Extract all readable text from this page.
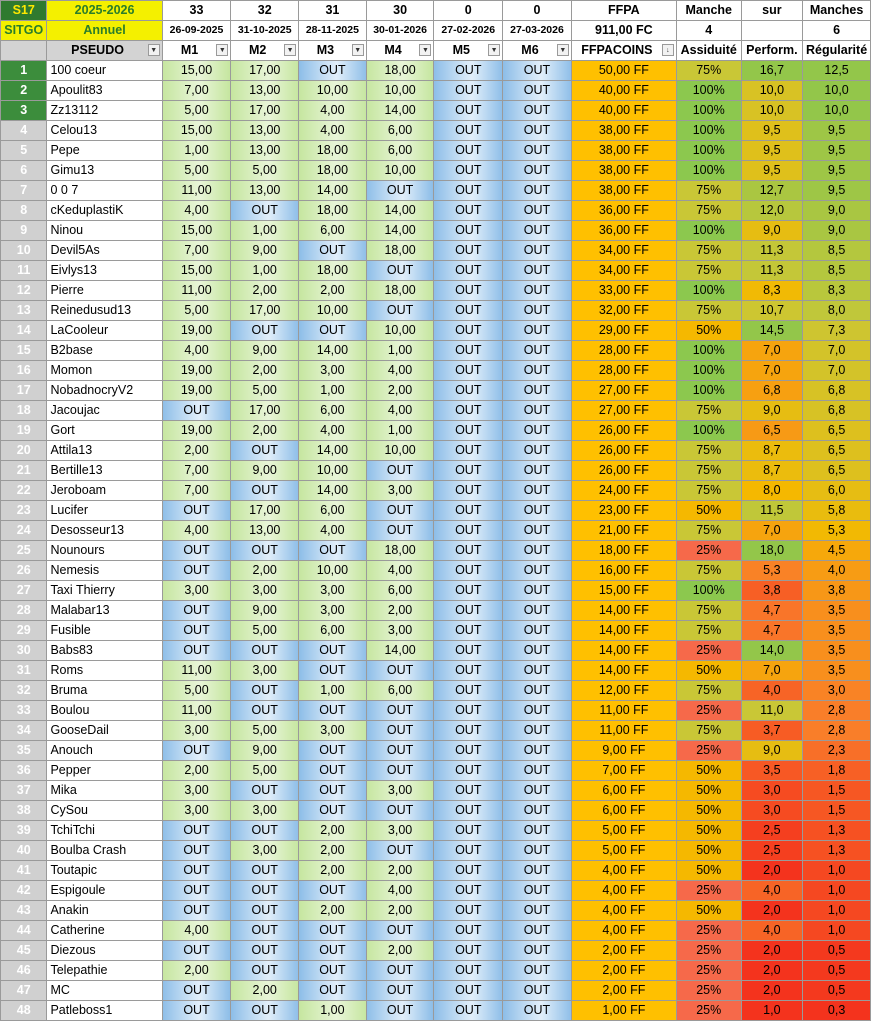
S17	2025-2026	33	32	31	30	0	0	FFPA	Manche	sur	Manches
SITGO	Annuel	26-09-2025	31-10-2025	28-11-2025	30-01-2026	27-02-2026	27-03-2026	911,00 FC	4		6
	PSEUDO ▼	M1 ▼	M2 ▼	M3 ▼	M4 ▼	M5 ▼	M6 ▼	FFPACOINS ↓	Assiduité	Perform.	Régularité
1	100 coeur	15,00	17,00	OUT	18,00	OUT	OUT	50,00 FF	75%	16,7	12,5
2	Apoulit83	7,00	13,00	10,00	10,00	OUT	OUT	40,00 FF	100%	10,0	10,0
3	Zz13112	5,00	17,00	4,00	14,00	OUT	OUT	40,00 FF	100%	10,0	10,0
4	Celou13	15,00	13,00	4,00	6,00	OUT	OUT	38,00 FF	100%	9,5	9,5
5	Pepe	1,00	13,00	18,00	6,00	OUT	OUT	38,00 FF	100%	9,5	9,5
6	Gimu13	5,00	5,00	18,00	10,00	OUT	OUT	38,00 FF	100%	9,5	9,5
7	0 0 7	11,00	13,00	14,00	OUT	OUT	OUT	38,00 FF	75%	12,7	9,5
8	cKeduplastiK	4,00	OUT	18,00	14,00	OUT	OUT	36,00 FF	75%	12,0	9,0
9	Ninou	15,00	1,00	6,00	14,00	OUT	OUT	36,00 FF	100%	9,0	9,0
10	Devil5As	7,00	9,00	OUT	18,00	OUT	OUT	34,00 FF	75%	11,3	8,5
11	Eivlys13	15,00	1,00	18,00	OUT	OUT	OUT	34,00 FF	75%	11,3	8,5
12	Pierre	11,00	2,00	2,00	18,00	OUT	OUT	33,00 FF	100%	8,3	8,3
13	Reinedusud13	5,00	17,00	10,00	OUT	OUT	OUT	32,00 FF	75%	10,7	8,0
14	LaCooleur	19,00	OUT	OUT	10,00	OUT	OUT	29,00 FF	50%	14,5	7,3
15	B2base	4,00	9,00	14,00	1,00	OUT	OUT	28,00 FF	100%	7,0	7,0
16	Momon	19,00	2,00	3,00	4,00	OUT	OUT	28,00 FF	100%	7,0	7,0
17	NobadnocryV2	19,00	5,00	1,00	2,00	OUT	OUT	27,00 FF	100%	6,8	6,8
18	Jacoujac	OUT	17,00	6,00	4,00	OUT	OUT	27,00 FF	75%	9,0	6,8
19	Gort	19,00	2,00	4,00	1,00	OUT	OUT	26,00 FF	100%	6,5	6,5
20	Attila13	2,00	OUT	14,00	10,00	OUT	OUT	26,00 FF	75%	8,7	6,5
21	Bertille13	7,00	9,00	10,00	OUT	OUT	OUT	26,00 FF	75%	8,7	6,5
22	Jeroboam	7,00	OUT	14,00	3,00	OUT	OUT	24,00 FF	75%	8,0	6,0
23	Lucifer	OUT	17,00	6,00	OUT	OUT	OUT	23,00 FF	50%	11,5	5,8
24	Desosseur13	4,00	13,00	4,00	OUT	OUT	OUT	21,00 FF	75%	7,0	5,3
25	Nounours	OUT	OUT	OUT	18,00	OUT	OUT	18,00 FF	25%	18,0	4,5
26	Nemesis	OUT	2,00	10,00	4,00	OUT	OUT	16,00 FF	75%	5,3	4,0
27	Taxi Thierry	3,00	3,00	3,00	6,00	OUT	OUT	15,00 FF	100%	3,8	3,8
28	Malabar13	OUT	9,00	3,00	2,00	OUT	OUT	14,00 FF	75%	4,7	3,5
29	Fusible	OUT	5,00	6,00	3,00	OUT	OUT	14,00 FF	75%	4,7	3,5
30	Babs83	OUT	OUT	OUT	14,00	OUT	OUT	14,00 FF	25%	14,0	3,5
31	Roms	11,00	3,00	OUT	OUT	OUT	OUT	14,00 FF	50%	7,0	3,5
32	Bruma	5,00	OUT	1,00	6,00	OUT	OUT	12,00 FF	75%	4,0	3,0
33	Boulou	11,00	OUT	OUT	OUT	OUT	OUT	11,00 FF	25%	11,0	2,8
34	GooseDail	3,00	5,00	3,00	OUT	OUT	OUT	11,00 FF	75%	3,7	2,8
35	Anouch	OUT	9,00	OUT	OUT	OUT	OUT	9,00 FF	25%	9,0	2,3
36	Pepper	2,00	5,00	OUT	OUT	OUT	OUT	7,00 FF	50%	3,5	1,8
37	Mika	3,00	OUT	OUT	3,00	OUT	OUT	6,00 FF	50%	3,0	1,5
38	CySou	3,00	3,00	OUT	OUT	OUT	OUT	6,00 FF	50%	3,0	1,5
39	TchiTchi	OUT	OUT	2,00	3,00	OUT	OUT	5,00 FF	50%	2,5	1,3
40	Boulba Crash	OUT	3,00	2,00	OUT	OUT	OUT	5,00 FF	50%	2,5	1,3
41	Toutapic	OUT	OUT	2,00	2,00	OUT	OUT	4,00 FF	50%	2,0	1,0
42	Espigoule	OUT	OUT	OUT	4,00	OUT	OUT	4,00 FF	25%	4,0	1,0
43	Anakin	OUT	OUT	2,00	2,00	OUT	OUT	4,00 FF	50%	2,0	1,0
44	Catherine	4,00	OUT	OUT	OUT	OUT	OUT	4,00 FF	25%	4,0	1,0
45	Diezous	OUT	OUT	OUT	2,00	OUT	OUT	2,00 FF	25%	2,0	0,5
46	Telepathie	2,00	OUT	OUT	OUT	OUT	OUT	2,00 FF	25%	2,0	0,5
47	MC	OUT	2,00	OUT	OUT	OUT	OUT	2,00 FF	25%	2,0	0,5
48	Patleboss1	OUT	OUT	1,00	OUT	OUT	OUT	1,00 FF	25%	1,0	0,3
